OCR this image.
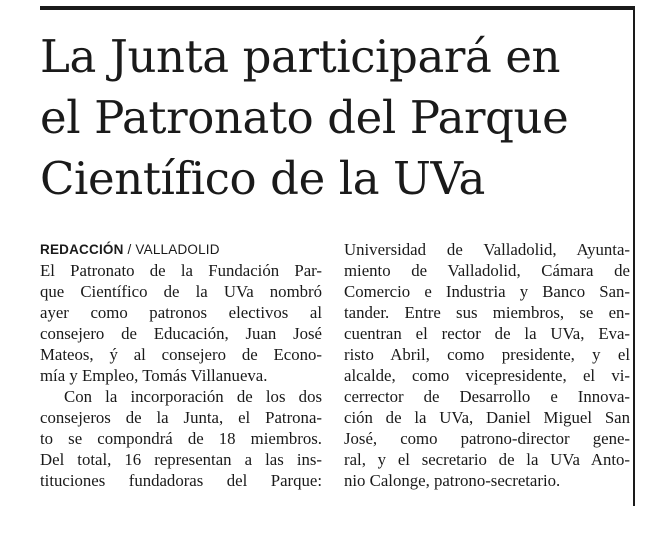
La Junta participará en
el Patronato del Parque
Científico de la UVa
REDACCIÓN / VALLADOLID
El Patronato de la Fundación Par-
que Científico de la UVa nombró
ayer como patronos electivos al
consejero de Educación, Juan José
Mateos, ý al consejero de Econo-
mía y Empleo, Tomás Villanueva.
Con la incorporación de los dos
consejeros de la Junta, el Patrona-
to se compondrá de 18 miembros.
Del total, 16 representan a las ins-
tituciones fundadoras del Parque:
Universidad de Valladolid, Ayunta-
miento de Valladolid, Cámara de
Comercio e Industria y Banco San-
tander. Entre sus miembros, se en-
cuentran el rector de la UVa, Eva-
risto Abril, como presidente, y el
alcalde, como vicepresidente, el vi-
cerrector de Desarrollo e Innova-
ción de la UVa, Daniel Miguel San
José, como patrono-director gene-
ral, y el secretario de la UVa Anto-
nio Calonge, patrono-secretario.
